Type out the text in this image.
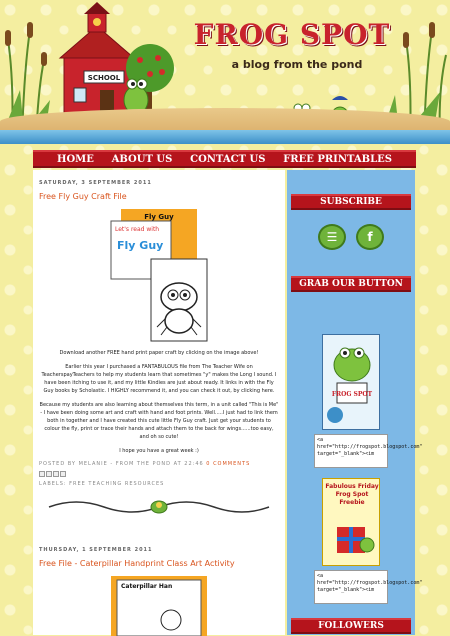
SCHOOL
FROG SPOT
a blog from the pond
HOME ABOUT US CONTACT US FREE PRINTABLES
SATURDAY, 3 SEPTEMBER 2011
Free Fly Guy Craft File
Fly Guy
Let's read with
Fly Guy

Download another FREE hand print paper craft by clicking on the image above!

Earlier this year I purchased a FANTABULOUS file from The Teacher Wife on TeacherspayTeachers to help my students learn that sometimes "y" makes the Long I sound. I have been itching to use it, and my little Kindies are just about ready. It links in with the Fly Guy books by Scholastic. I HIGHLY recommend it, and you can check it out, by clicking here.

Because my students are also learning about themselves this term, in a unit called "This is Me" - I have been doing some art and craft with hand and foot prints. Well.....I just had to link them both in together and I have created this cute little Fly Guy craft. Just get your students to colour the fly, print or trace their hands and attach them to the back for wings......too easy, and oh so cute!

I hope you have a great week :)

POSTED BY MELANIE - FROM THE POND AT 22:46 0 COMMENTS
LABELS: FREE TEACHING RESOURCES
THURSDAY, 1 SEPTEMBER 2011
Free File - Caterpillar Handprint Class Art Activity
Caterpillar Han
SUBSCRIBE
☰	f
GRAB OUR BUTTON
FROG SPOT
<a href="http://frogspot.blogspot.com" target="_blank"><im
Fabulous Friday Frog Spot Freebie
<a href="http://frogspot.blogspot.com" target="_blank"><im
FOLLOWERS
